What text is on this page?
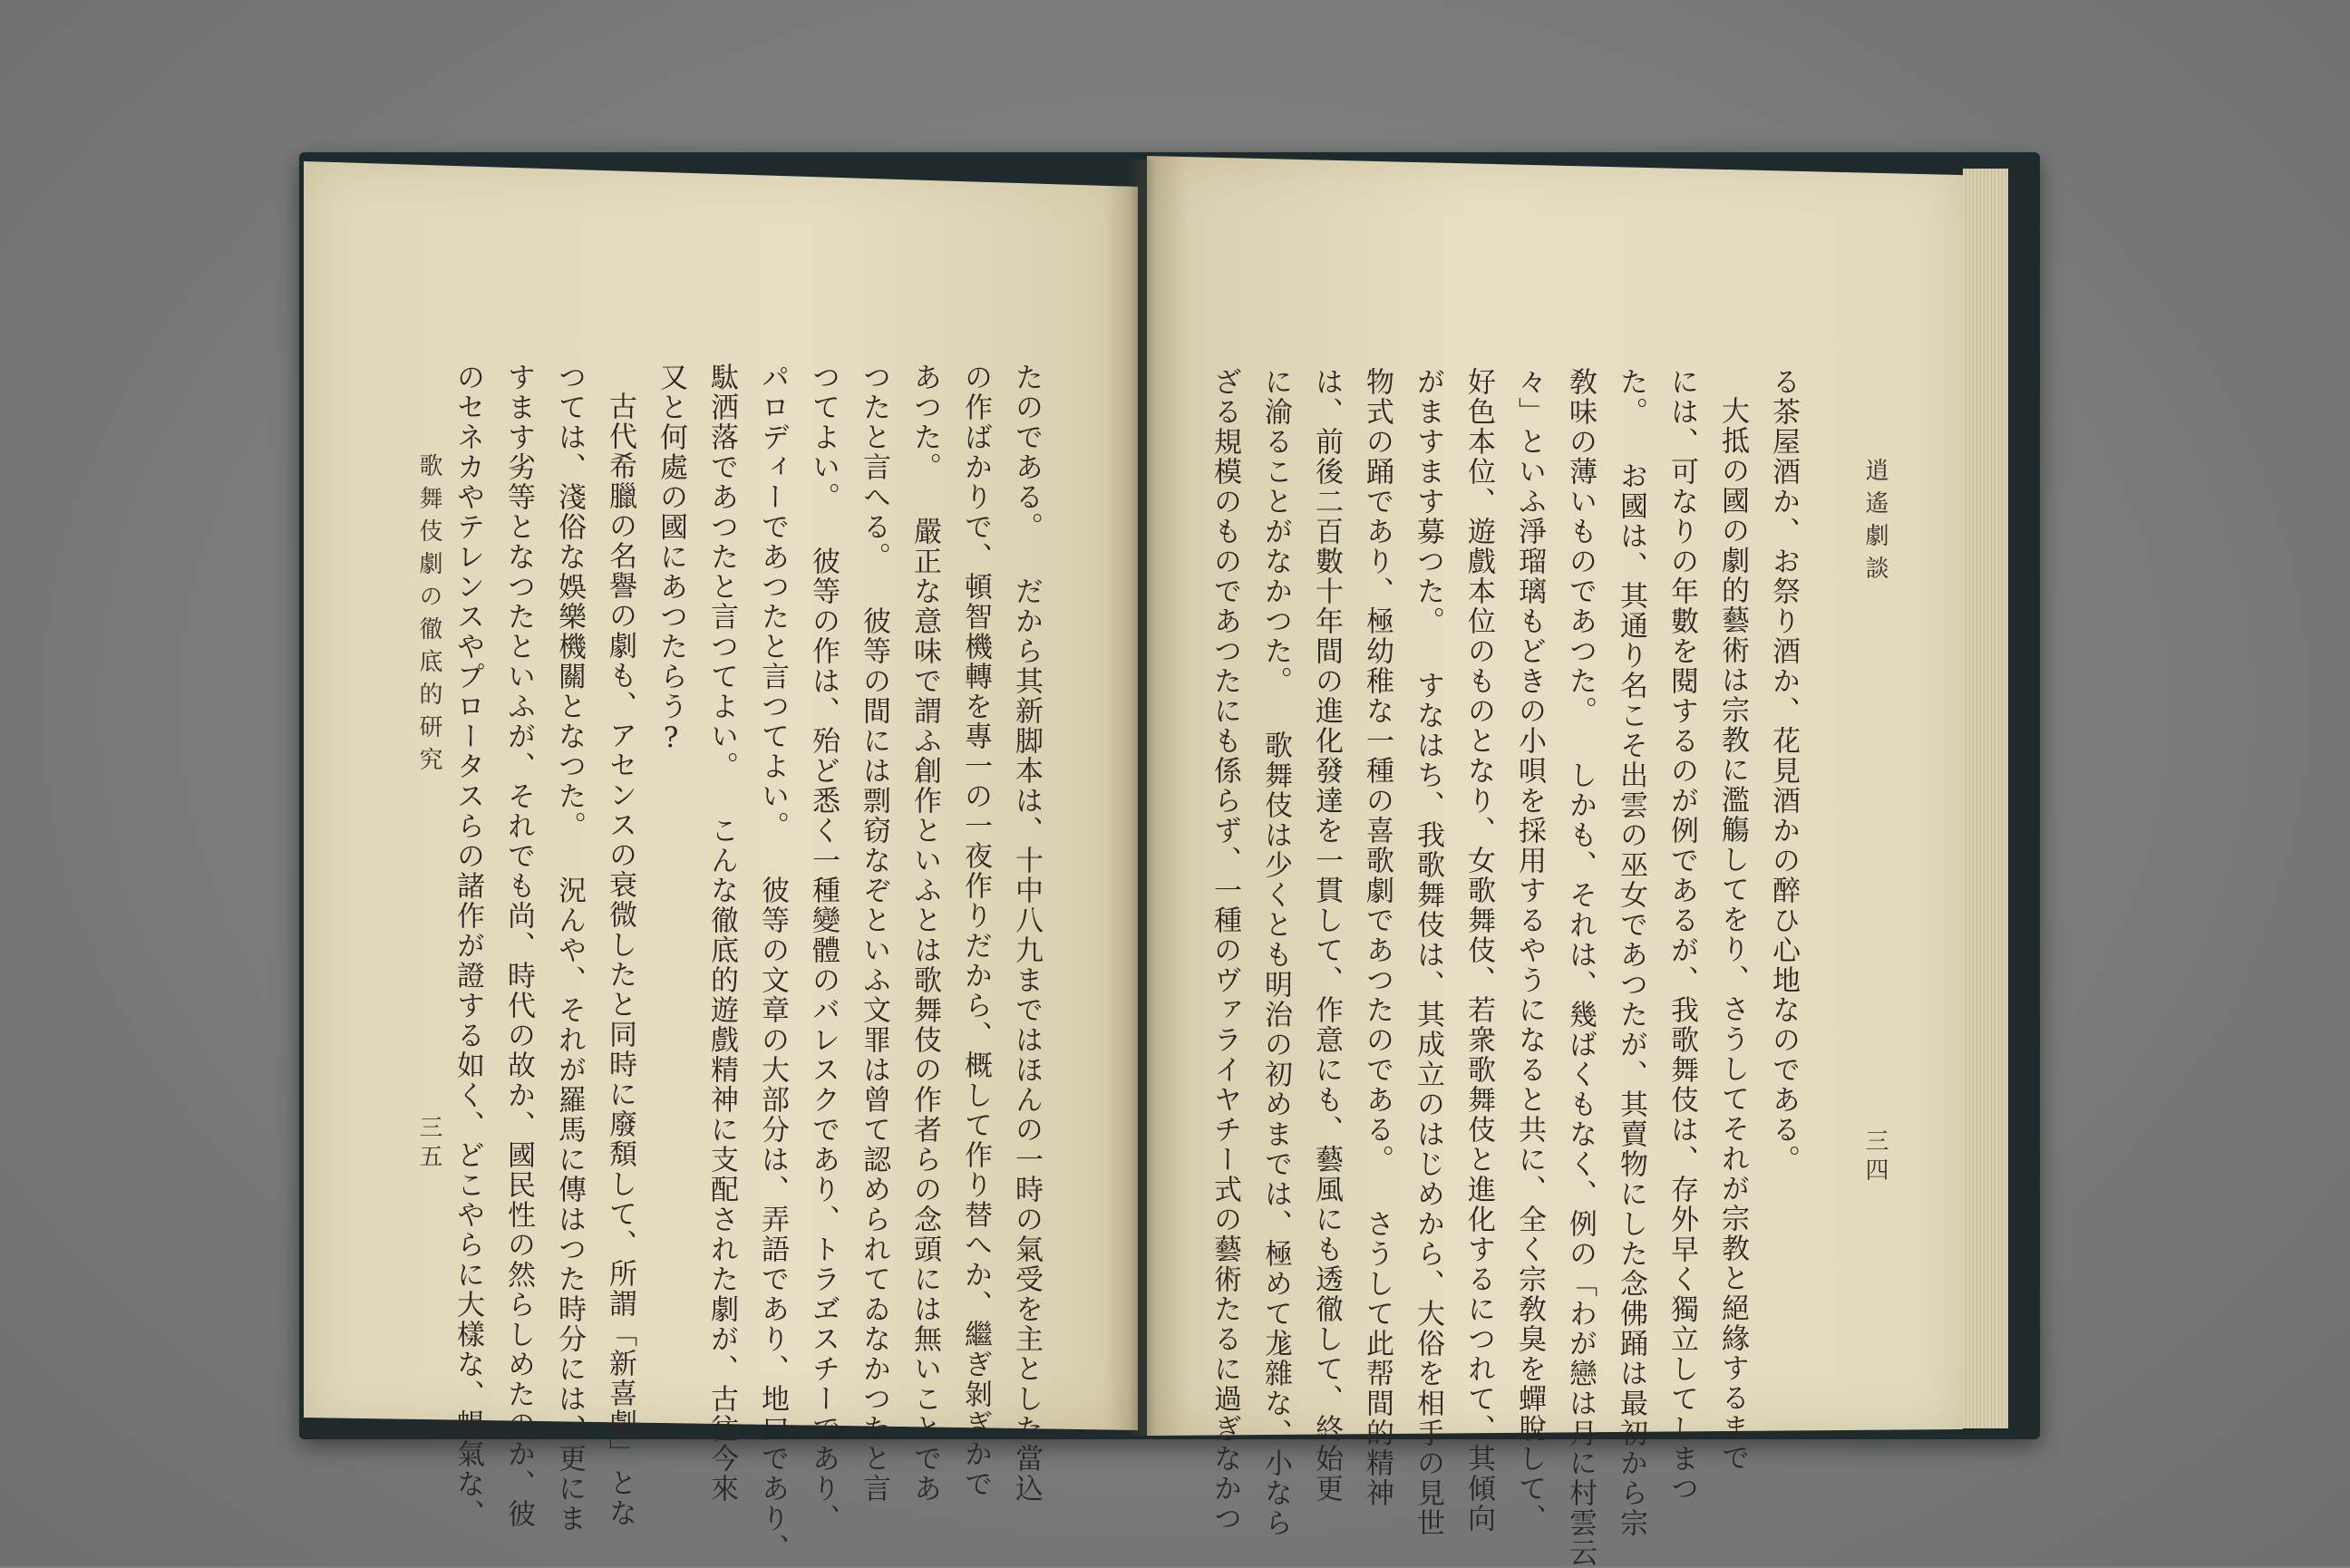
逍遙劇談
三四
る茶屋酒か、お祭り酒か、花見酒かの醉ひ心地なのである。
大抵の國の劇的藝術は宗教に濫觴してをり、さうしてそれが宗教と絕緣するまで
には、可なりの年數を閱するのが例であるが、我歌舞伎は、存外早く獨立してしまつ
た。 お國は、其通り名こそ出雲の巫女であつたが、其賣物にした念佛踊は最初から宗
敎味の薄いものであつた。 しかも、それは、幾ばくもなく、例の「わが戀は月に村雲云
々」といふ淨瑠璃もどきの小唄を採用するやうになると共に、全く宗敎臭を蟬脫して、
好色本位、遊戲本位のものとなり、女歌舞伎、若衆歌舞伎と進化するにつれて、其傾向
がますます募つた。 すなはち、我歌舞伎は、其成立のはじめから、大俗を相手の見世
物式の踊であり、極幼稚な一種の喜歌劇であつたのである。 さうして此帮間的精神
は、前後二百數十年間の進化發達を一貫して、作意にも、藝風にも透徹して、終始更
に渝ることがなかつた。 歌舞伎は少くとも明治の初めまでは、極めて尨雜な、小なら
ざる規模のものであつたにも係らず、一種のヴァライヤチー式の藝術たるに過ぎなかつ
歌舞伎劇の徹底的研究
三五	たのである。 だから其新脚本は、十中八九まではほんの一時の氣受を主とした當込
の作ばかりで、頓智機轉を專一の一夜作りだから、概して作り替へか、繼ぎ剝ぎかで
あつた。 嚴正な意味で謂ふ創作といふとは歌舞伎の作者らの念頭には無いことであ
つたと言へる。 彼等の間には剽窃なぞといふ文罪は曾て認められてゐなかつたと言
つてよい。 彼等の作は、殆ど悉く一種變體のバレスクであり、トラヹスチーであり、
パロディーであつたと言つてよい。 彼等の文章の大部分は、弄語であり、地口であり、
駄洒落であつたと言つてよい。 こんな徹底的遊戲精神に支配された劇が、古往今來
又と何處の國にあつたらう?
古代希臘の名譽の劇も、アセンスの衰微したと同時に廢頽して、所謂「新喜劇」とな
つては、淺俗な娛樂機關となつた。 況んや、それが羅馬に傳はつた時分には、更にま
すます劣等となつたといふが、それでも尚、時代の故か、國民性の然らしめたのか、彼
のセネカやテレンスやプロータスらの諸作が證する如く、どこやらに大樣な、暢氣な、
